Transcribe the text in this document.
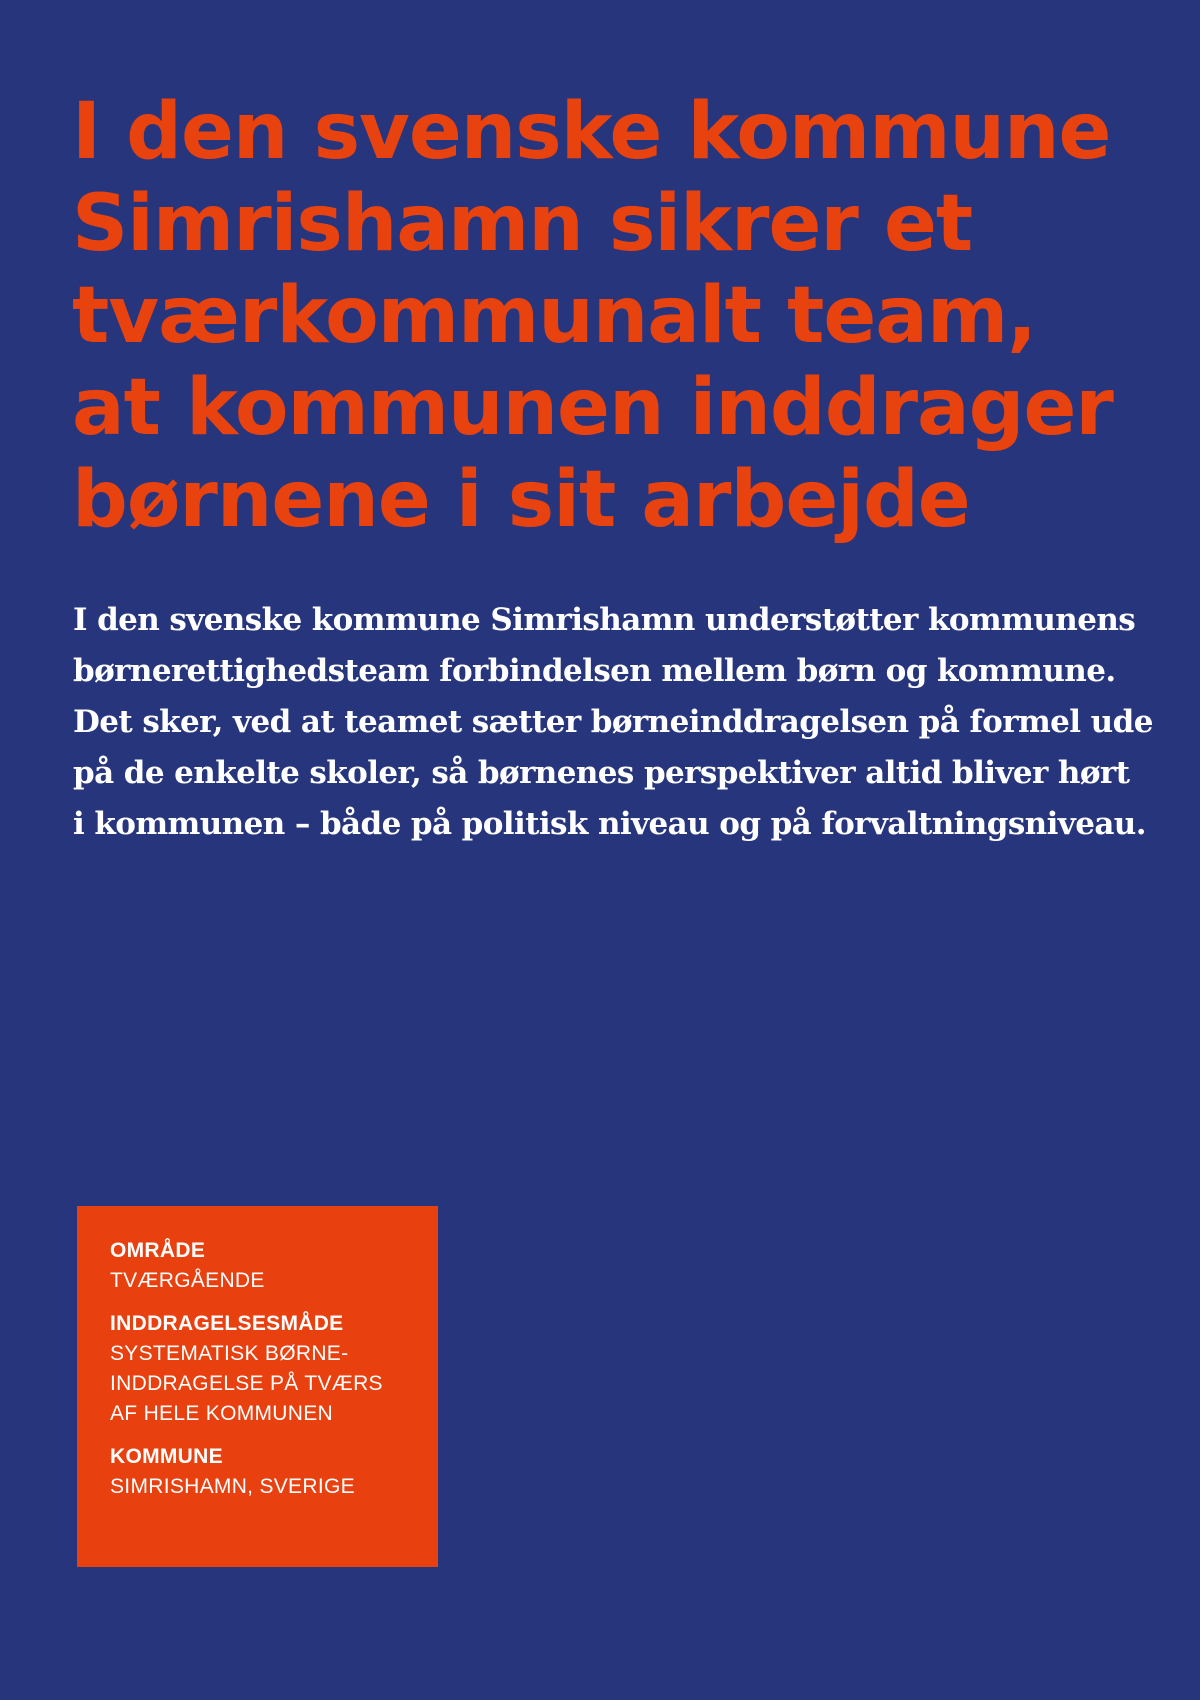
I den svenske kommune
Simrishamn sikrer et
tværkommunalt team,
at kommunen inddrager
børnene i sit arbejde

I den svenske kommune Simrishamn understøtter kommunens
børnerettighedsteam forbindelsen mellem børn og kommune.
Det sker, ved at teamet sætter børneinddragelsen på formel ude
på de enkelte skoler, så børnenes perspektiver altid bliver hørt
i kommunen – både på politisk niveau og på forvaltningsniveau.

OMRÅDE
TVÆRGÅENDE
INDDRAGELSESMÅDE
SYSTEMATISK BØRNE-
INDDRAGELSE PÅ TVÆRS
AF HELE KOMMUNEN
KOMMUNE
SIMRISHAMN, SVERIGE
